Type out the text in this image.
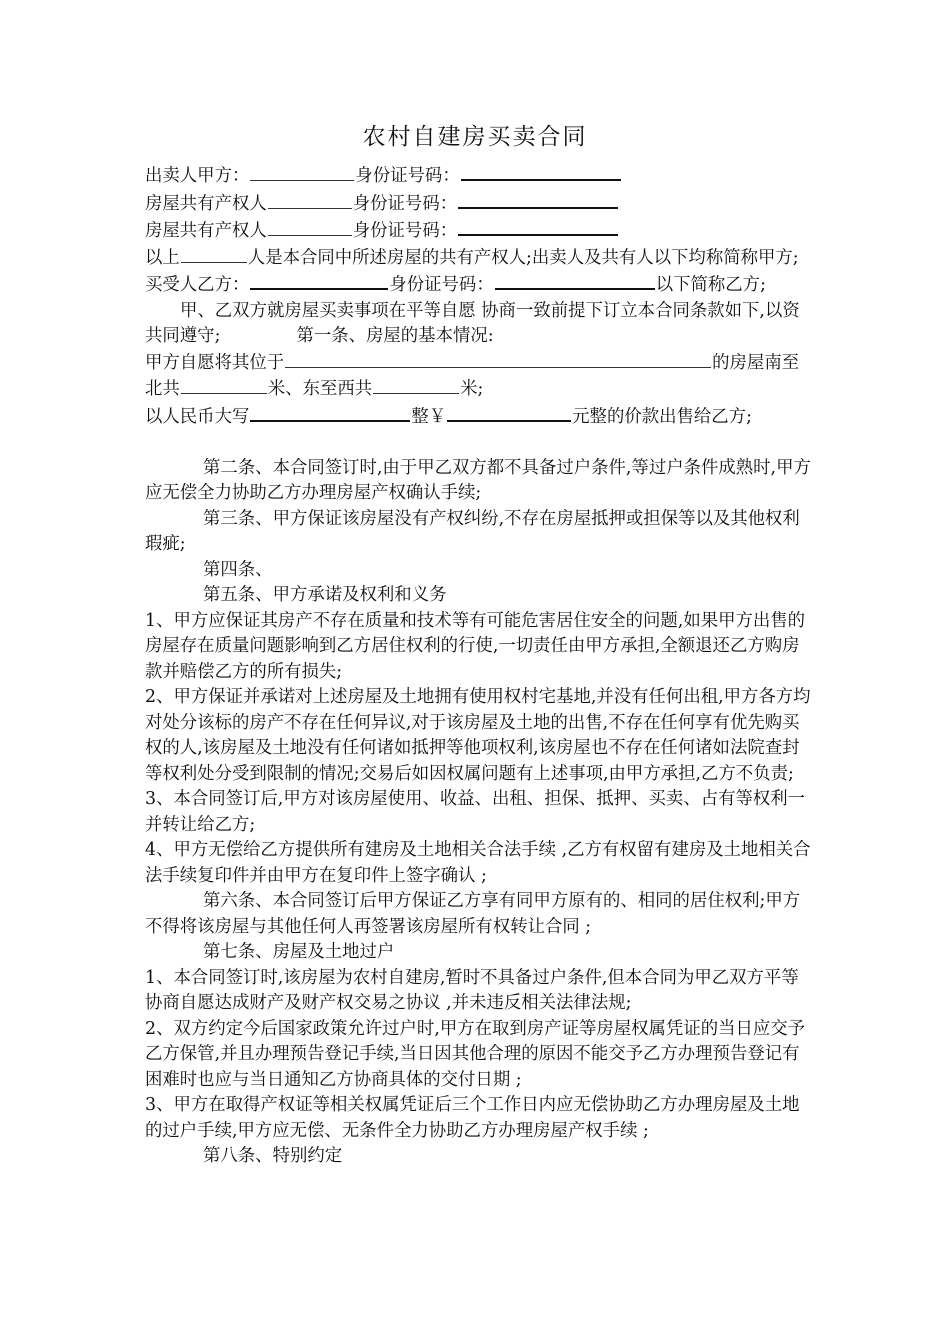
农村自建房买卖合同

出卖人甲方：	身份证号码：

房屋共有产权人	身份证号码：

房屋共有产权人	身份证号码：

以上	人是本合同中所述房屋的共有产权人;出卖人及共有人以下均称简称甲方;

买受人乙方：	身份证号码：	以下简称乙方;

甲、乙双方就房屋买卖事项在平等自愿 协商一致前提下订立本合同条款如下,以资共同遵守;	第一条、房屋的基本情况:

甲方自愿将其位于	的房屋南至北共	米、东至西共	米;

以人民币大写	整￥	元整的价款出售给乙方;

第二条、本合同签订时,由于甲乙双方都不具备过户条件,等过户条件成熟时,甲方应无偿全力协助乙方办理房屋产权确认手续;

第三条、甲方保证该房屋没有产权纠纷,不存在房屋抵押或担保等以及其他权利瑕疵;

第四条、

第五条、甲方承诺及权利和义务

1、甲方应保证其房产不存在质量和技术等有可能危害居住安全的问题,如果甲方出售的房屋存在质量问题影响到乙方居住权利的行使,一切责任由甲方承担,全额退还乙方购房款并赔偿乙方的所有损失;

2、甲方保证并承诺对上述房屋及土地拥有使用权村宅基地,并没有任何出租,甲方各方均对处分该标的房产不存在任何异议,对于该房屋及土地的出售,不存在任何享有优先购买权的人,该房屋及土地没有任何诸如抵押等他项权利,该房屋也不存在任何诸如法院查封等权利处分受到限制的情况;交易后如因权属问题有上述事项,由甲方承担,乙方不负责;

3、本合同签订后,甲方对该房屋使用、收益、出租、担保、抵押、买卖、占有等权利一并转让给乙方;

4、甲方无偿给乙方提供所有建房及土地相关合法手续 ,乙方有权留有建房及土地相关合法手续复印件并由甲方在复印件上签字确认 ;

第六条、本合同签订后甲方保证乙方享有同甲方原有的、相同的居住权利;甲方不得将该房屋与其他任何人再签署该房屋所有权转让合同 ;

第七条、房屋及土地过户

1、本合同签订时,该房屋为农村自建房,暂时不具备过户条件,但本合同为甲乙双方平等协商自愿达成财产及财产权交易之协议 ,并未违反相关法律法规;

2、双方约定今后国家政策允许过户时,甲方在取到房产证等房屋权属凭证的当日应交予乙方保管,并且办理预告登记手续,当日因其他合理的原因不能交予乙方办理预告登记有困难时也应与当日通知乙方协商具体的交付日期 ;

3、甲方在取得产权证等相关权属凭证后三个工作日内应无偿协助乙方办理房屋及土地的过户手续,甲方应无偿、无条件全力协助乙方办理房屋产权手续 ;

第八条、特别约定
